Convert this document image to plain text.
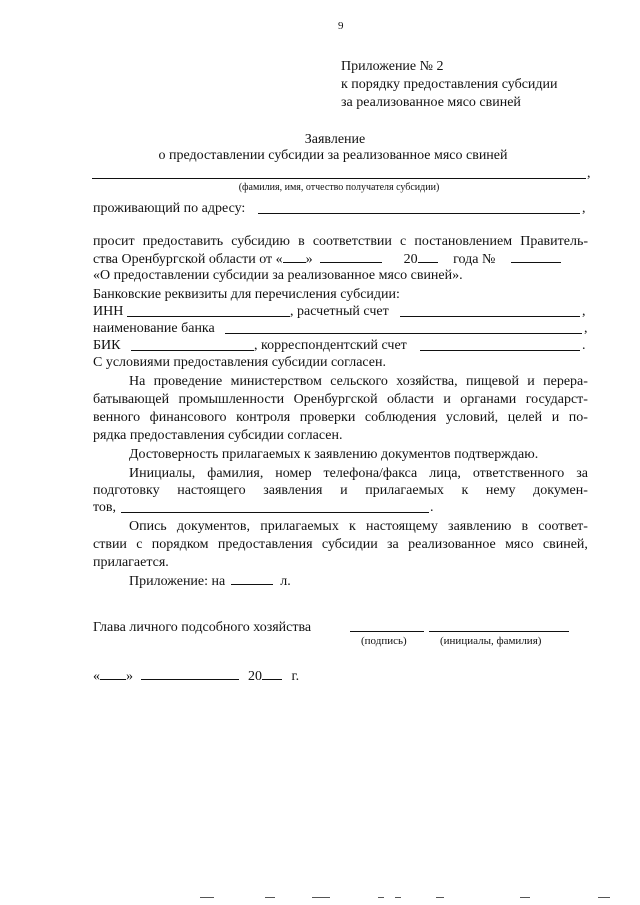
9
Приложение № 2
к порядку предоставления субсидии
за реализованное мясо свиней
Заявление
о предоставлении субсидии за реализованное мясо свиней
,
(фамилия, имя, отчество получателя субсидии)
проживающий по адресу:	,
просит предоставить субсидию в соответствии с постановлением Правитель-
ства Оренбургской области от « »	20	года №
«О предоставлении субсидии за реализованное мясо свиней».
Банковские реквизиты для перечисления субсидии:
ИНН	, расчетный счет	,
наименование банка	,
БИК	, корреспондентский счет	.
С условиями предоставления субсидии согласен.
На проведение министерством сельского хозяйства, пищевой и перера-
батывающей промышленности Оренбургской области и органами государст-
венного финансового контроля проверки соблюдения условий, целей и по-
рядка предоставления субсидии согласен.
Достоверность прилагаемых к заявлению документов подтверждаю.
Инициалы, фамилия, номер телефона/факса лица, ответственного за
подготовку настоящего заявления и прилагаемых к нему докумен-
тов,	.
Опись документов, прилагаемых к настоящему заявлению в соответ-
ствии с порядком предоставления субсидии за реализованное мясо свиней,
прилагается.
Приложение: на	л.
Глава личного подсобного хозяйства
(подпись)	(инициалы, фамилия)
« »	20 г.
